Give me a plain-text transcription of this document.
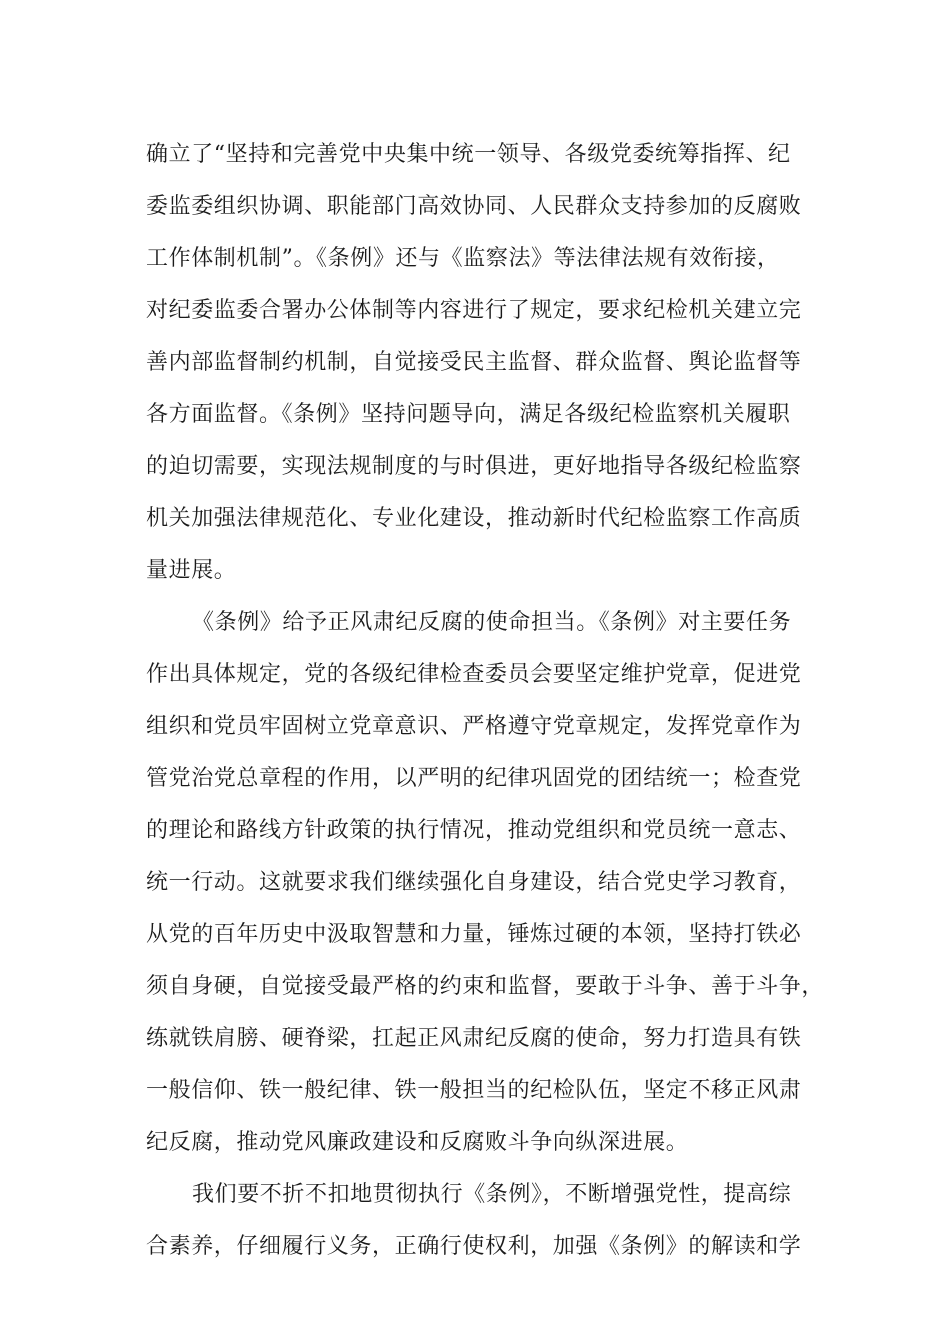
确立了“坚持和完善党中央集中统一领导、各级党委统筹指挥、纪
委监委组织协调、职能部门高效协同、人民群众支持参加的反腐败
工作体制机制”。《条例》还与《监察法》等法律法规有效衔接，
对纪委监委合署办公体制等内容进行了规定，要求纪检机关建立完
善内部监督制约机制，自觉接受民主监督、群众监督、舆论监督等
各方面监督。《条例》坚持问题导向，满足各级纪检监察机关履职
的迫切需要，实现法规制度的与时俱进，更好地指导各级纪检监察
机关加强法律规范化、专业化建设，推动新时代纪检监察工作高质
量进展。
《条例》给予正风肃纪反腐的使命担当。《条例》对主要任务
作出具体规定，党的各级纪律检查委员会要坚定维护党章，促进党
组织和党员牢固树立党章意识、严格遵守党章规定，发挥党章作为
管党治党总章程的作用，以严明的纪律巩固党的团结统一；检查党
的理论和路线方针政策的执行情况，推动党组织和党员统一意志、
统一行动。这就要求我们继续强化自身建设，结合党史学习教育，
从党的百年历史中汲取智慧和力量，锤炼过硬的本领，坚持打铁必
须自身硬，自觉接受最严格的约束和监督，要敢于斗争、善于斗争，
练就铁肩膀、硬脊梁，扛起正风肃纪反腐的使命，努力打造具有铁
一般信仰、铁一般纪律、铁一般担当的纪检队伍，坚定不移正风肃
纪反腐，推动党风廉政建设和反腐败斗争向纵深进展。
我们要不折不扣地贯彻执行《条例》，不断增强党性，提高综
合素养，仔细履行义务，正确行使权利，加强《条例》的解读和学
